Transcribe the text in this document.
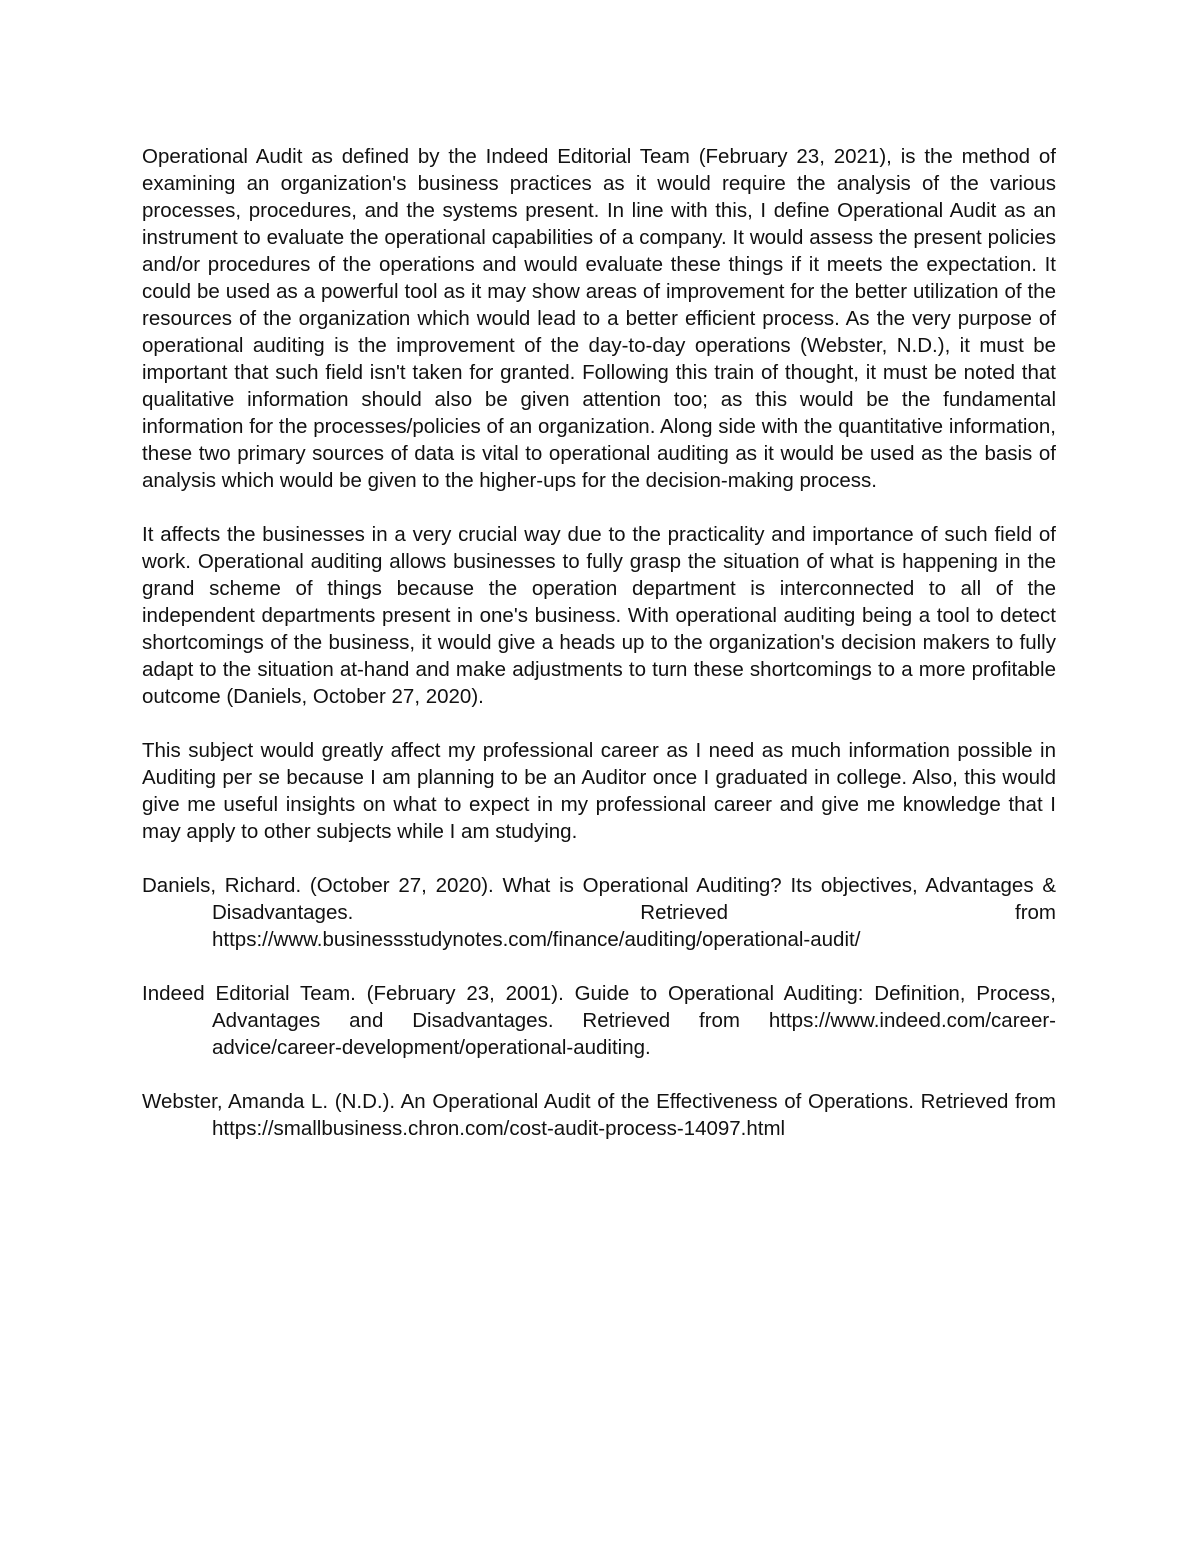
Operational Audit as defined by the Indeed Editorial Team (February 23, 2021), is the method of examining an organization's business practices as it would require the analysis of the various processes, procedures, and the systems present. In line with this, I define Operational Audit as an instrument to evaluate the operational capabilities of a company. It would assess the present policies and/or procedures of the operations and would evaluate these things if it meets the expectation. It could be used as a powerful tool as it may show areas of improvement for the better utilization of the resources of the organization which would lead to a better efficient process. As the very purpose of operational auditing is the improvement of the day-to-day operations (Webster, N.D.), it must be important that such field isn't taken for granted. Following this train of thought, it must be noted that qualitative information should also be given attention too; as this would be the fundamental information for the processes/policies of an organization. Along side with the quantitative information, these two primary sources of data is vital to operational auditing as it would be used as the basis of analysis which would be given to the higher-ups for the decision-making process.

It affects the businesses in a very crucial way due to the practicality and importance of such field of work. Operational auditing allows businesses to fully grasp the situation of what is happening in the grand scheme of things because the operation department is interconnected to all of the independent departments present in one's business. With operational auditing being a tool to detect shortcomings of the business, it would give a heads up to the organization's decision makers to fully adapt to the situation at-hand and make adjustments to turn these shortcomings to a more profitable outcome (Daniels, October 27, 2020).

This subject would greatly affect my professional career as I need as much information possible in Auditing per se because I am planning to be an Auditor once I graduated in college. Also, this would give me useful insights on what to expect in my professional career and give me knowledge that I may apply to other subjects while I am studying.

Daniels, Richard. (October 27, 2020). What is Operational Auditing? Its objectives, Advantages & Disadvantages. Retrieved from https://www.businessstudynotes.com/finance/auditing/operational-audit/

Indeed Editorial Team. (February 23, 2001). Guide to Operational Auditing: Definition, Process, Advantages and Disadvantages. Retrieved from https://www.indeed.com/career-advice/career-development/operational-auditing.

Webster, Amanda L. (N.D.). An Operational Audit of the Effectiveness of Operations. Retrieved from https://smallbusiness.chron.com/cost-audit-process-14097.html
